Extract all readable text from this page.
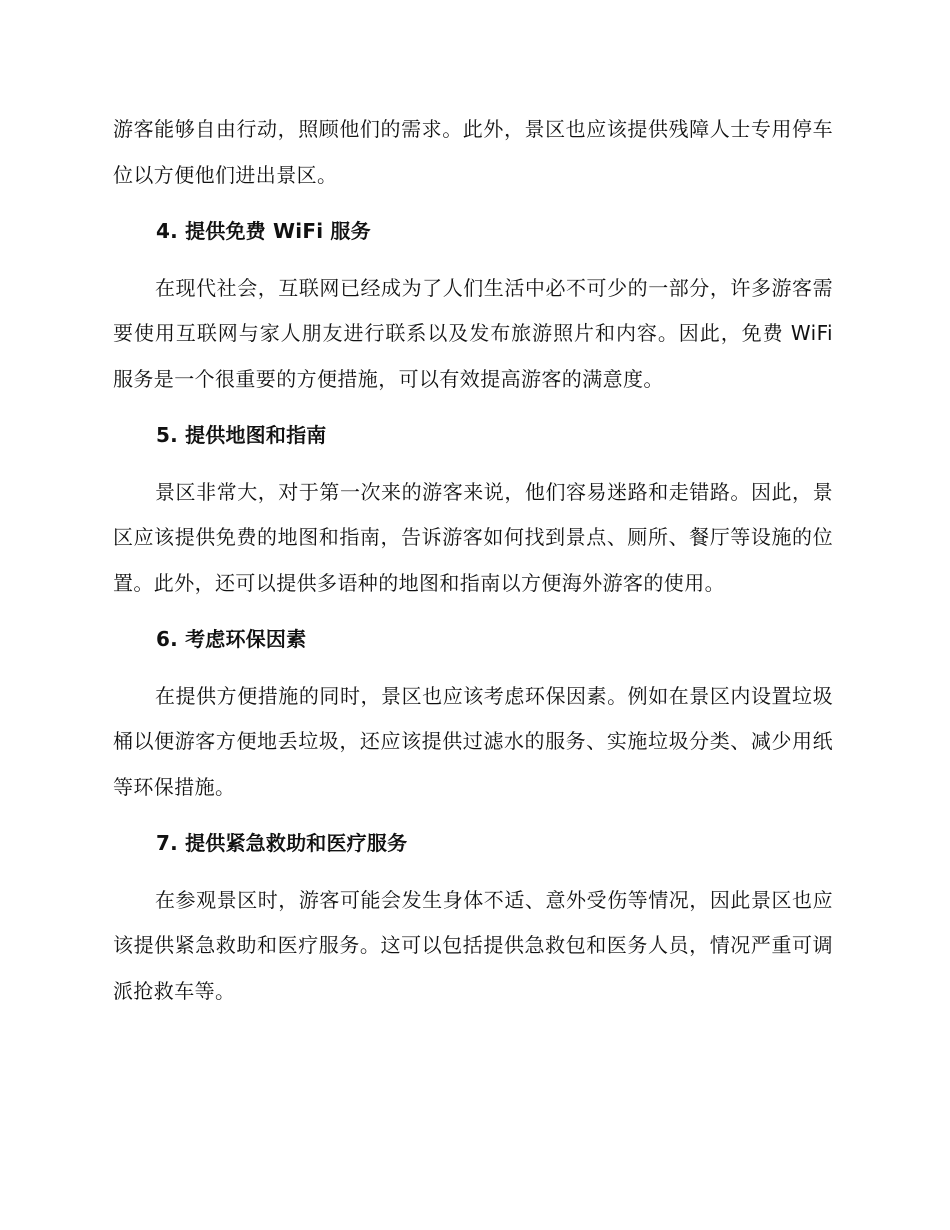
游客能够自由行动，照顾他们的需求。此外，景区也应该提供残障人士专用停车位以方便他们进出景区。

4. 提供免费 WiFi 服务

在现代社会，互联网已经成为了人们生活中必不可少的一部分，许多游客需要使用互联网与家人朋友进行联系以及发布旅游照片和内容。因此，免费 WiFi 服务是一个很重要的方便措施，可以有效提高游客的满意度。

5. 提供地图和指南

景区非常大，对于第一次来的游客来说，他们容易迷路和走错路。因此，景区应该提供免费的地图和指南，告诉游客如何找到景点、厕所、餐厅等设施的位置。此外，还可以提供多语种的地图和指南以方便海外游客的使用。

6. 考虑环保因素

在提供方便措施的同时，景区也应该考虑环保因素。例如在景区内设置垃圾桶以便游客方便地丢垃圾，还应该提供过滤水的服务、实施垃圾分类、减少用纸等环保措施。

7. 提供紧急救助和医疗服务

在参观景区时，游客可能会发生身体不适、意外受伤等情况，因此景区也应该提供紧急救助和医疗服务。这可以包括提供急救包和医务人员，情况严重可调派抢救车等。
